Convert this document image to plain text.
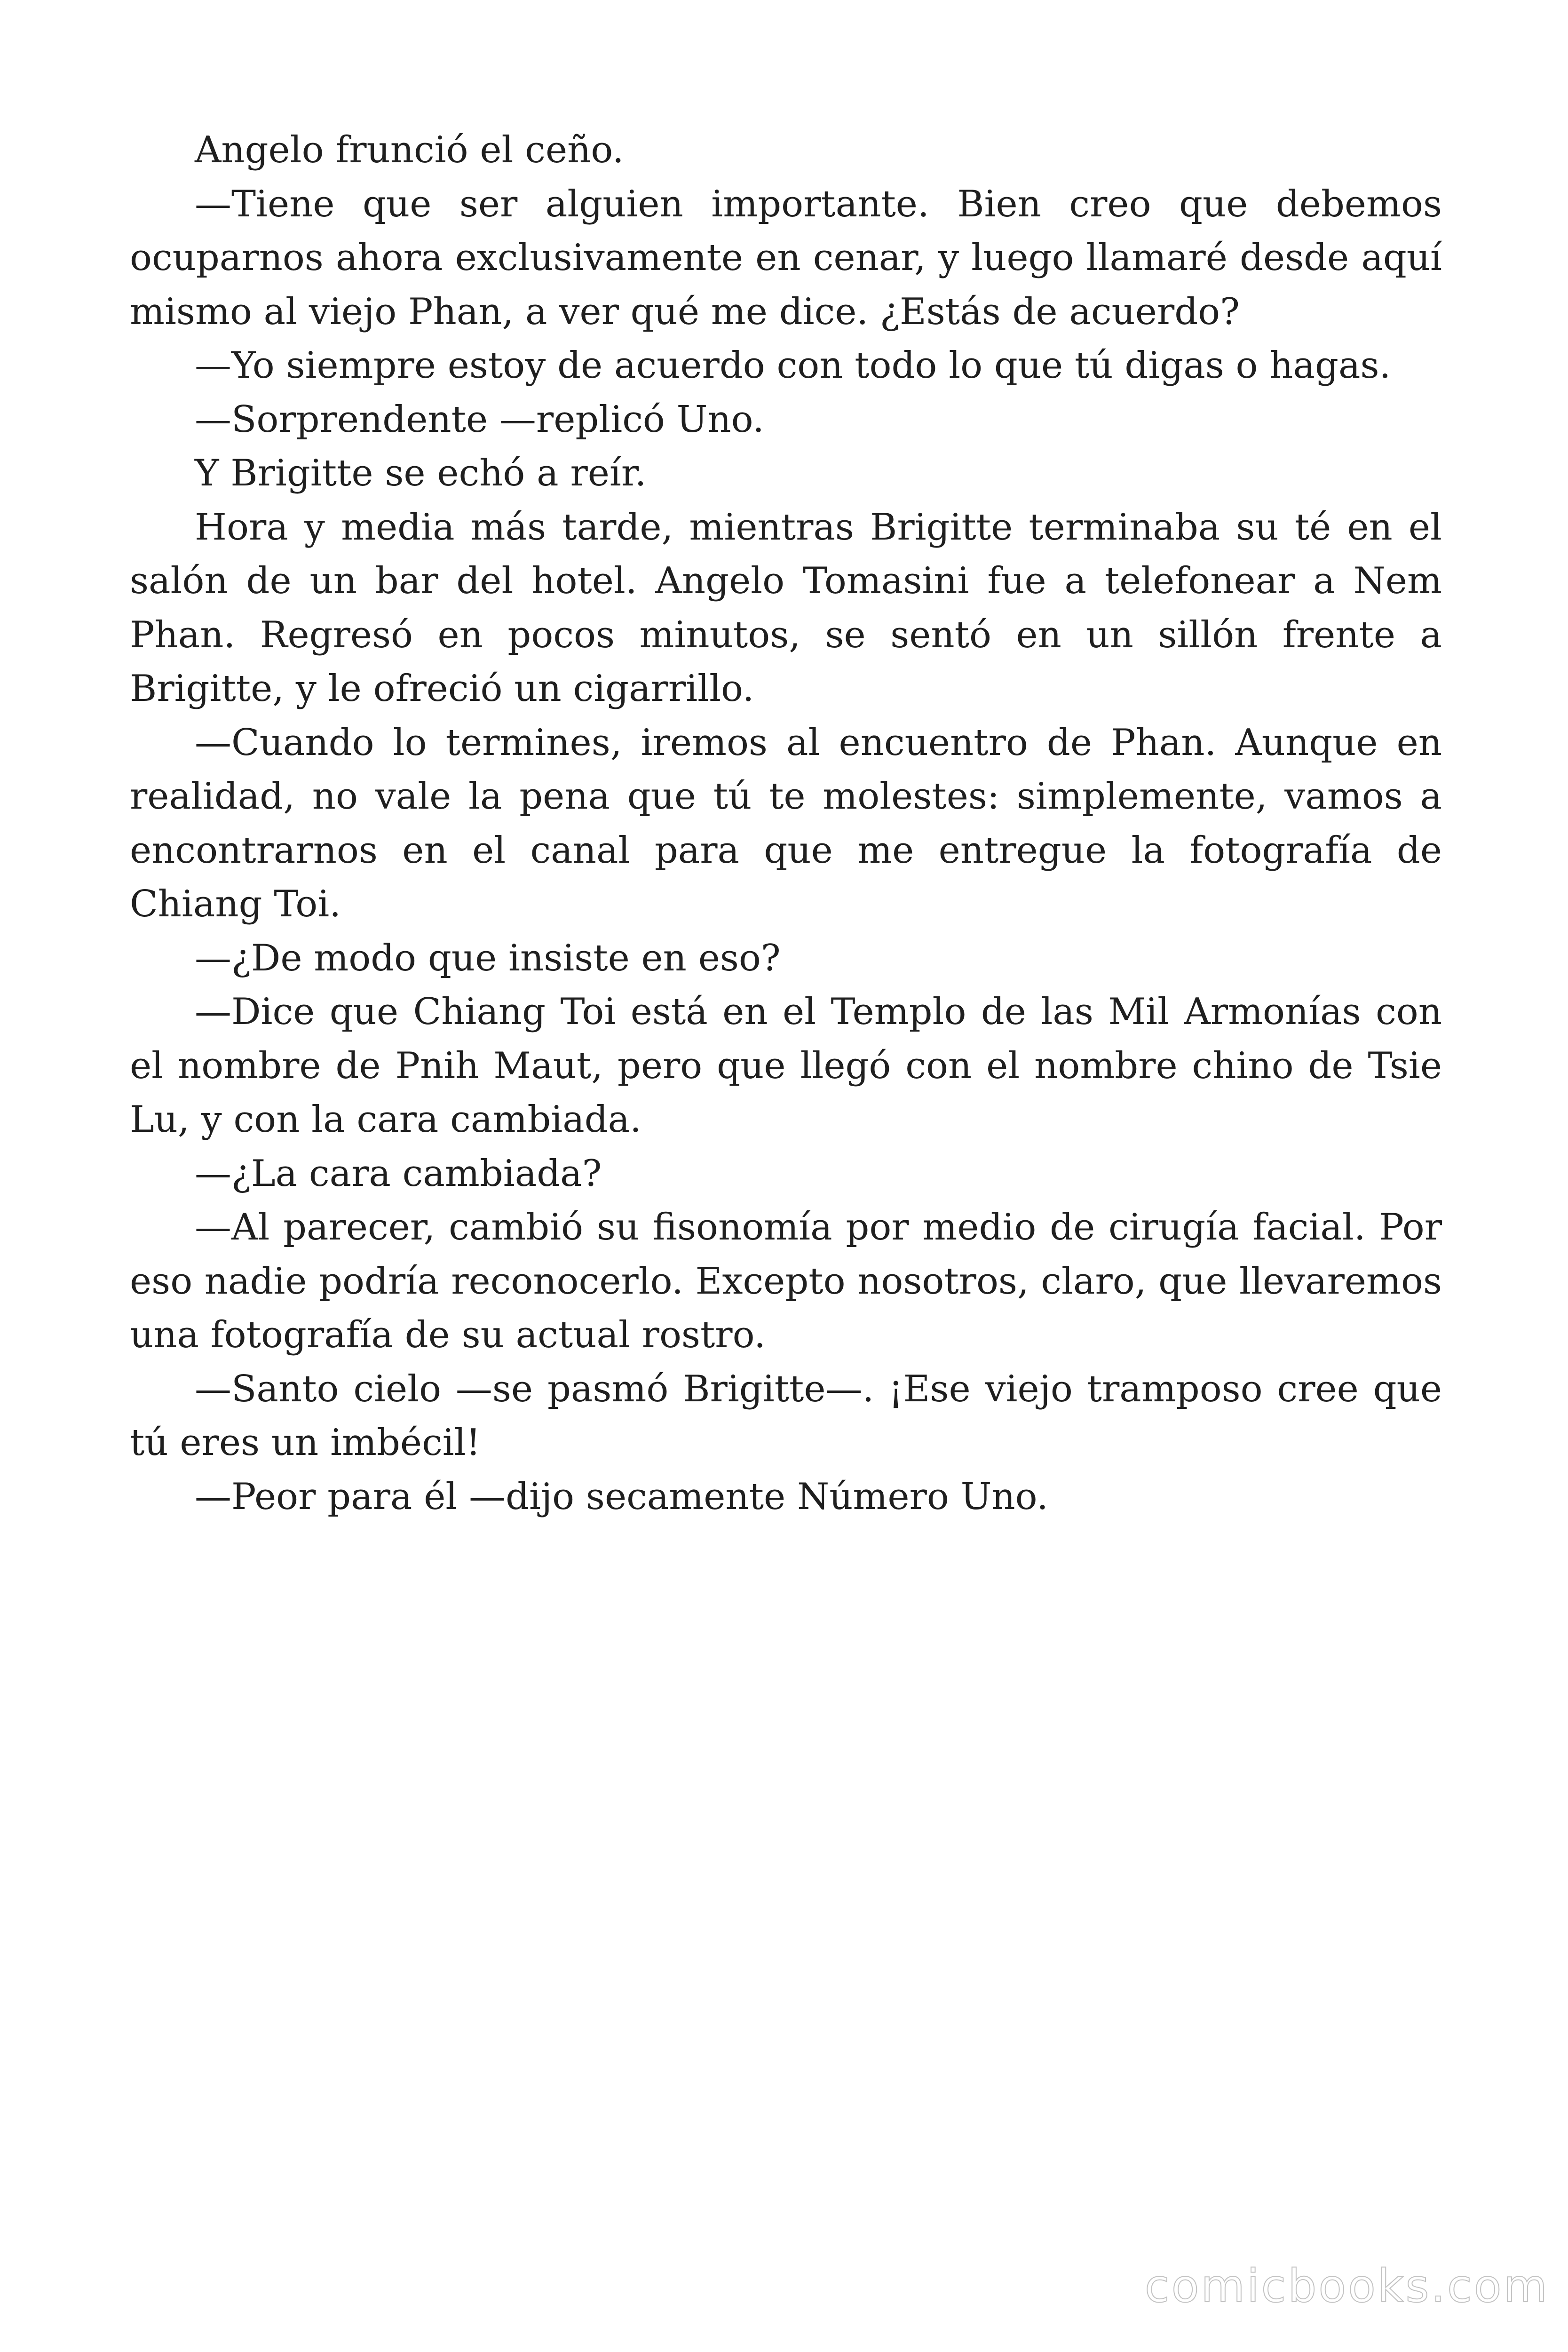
Angelo frunció el ceño.

—Tiene que ser alguien importante. Bien creo que debemos ocuparnos ahora exclusivamente en cenar, y luego llamaré desde aquí mismo al viejo Phan, a ver qué me dice. ¿Estás de acuerdo?

—Yo siempre estoy de acuerdo con todo lo que tú digas o hagas.

—Sorprendente —replicó Uno.

Y Brigitte se echó a reír.

Hora y media más tarde, mientras Brigitte terminaba su té en el salón de un bar del hotel. Angelo Tomasini fue a telefonear a Nem Phan. Regresó en pocos minutos, se sentó en un sillón frente a Brigitte, y le ofreció un cigarrillo.

—Cuando lo termines, iremos al encuentro de Phan. Aunque en realidad, no vale la pena que tú te molestes: simplemente, vamos a encontrarnos en el canal para que me entregue la fotografía de Chiang Toi.

—¿De modo que insiste en eso?

—Dice que Chiang Toi está en el Templo de las Mil Armonías con el nombre de Pnih Maut, pero que llegó con el nombre chino de Tsie Lu, y con la cara cambiada.

—¿La cara cambiada?

—Al parecer, cambió su fisonomía por medio de cirugía facial. Por eso nadie podría reconocerlo. Excepto nosotros, claro, que llevaremos una fotografía de su actual rostro.

—Santo cielo —se pasmó Brigitte—. ¡Ese viejo tramposo cree que tú eres un imbécil!

—Peor para él —dijo secamente Número Uno.

comicbooks.com
